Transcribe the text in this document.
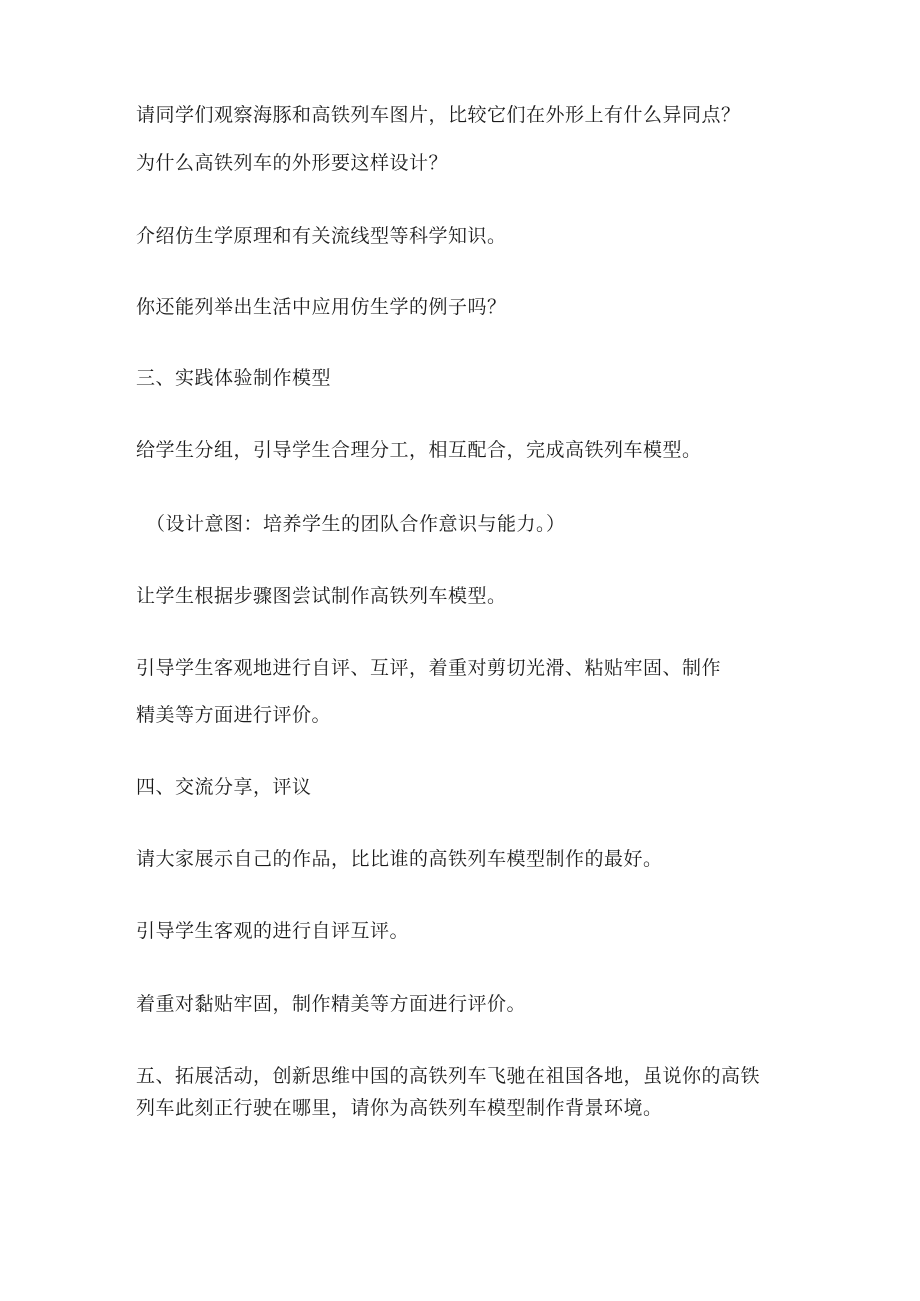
请同学们观察海豚和高铁列车图片，比较它们在外形上有什么异同点？

为什么高铁列车的外形要这样设计？

介绍仿生学原理和有关流线型等科学知识。

你还能列举出生活中应用仿生学的例子吗？

三、实践体验制作模型

给学生分组，引导学生合理分工，相互配合，完成高铁列车模型。

（设计意图：培养学生的团队合作意识与能力。）

让学生根据步骤图尝试制作高铁列车模型。

引导学生客观地进行自评、互评，着重对剪切光滑、粘贴牢固、制作

精美等方面进行评价。

四、交流分享，评议

请大家展示自己的作品，比比谁的高铁列车模型制作的最好。

引导学生客观的进行自评互评。

着重对黏贴牢固，制作精美等方面进行评价。

五、拓展活动，创新思维中国的高铁列车飞驰在祖国各地，虽说你的高铁

列车此刻正行驶在哪里，请你为高铁列车模型制作背景环境。
